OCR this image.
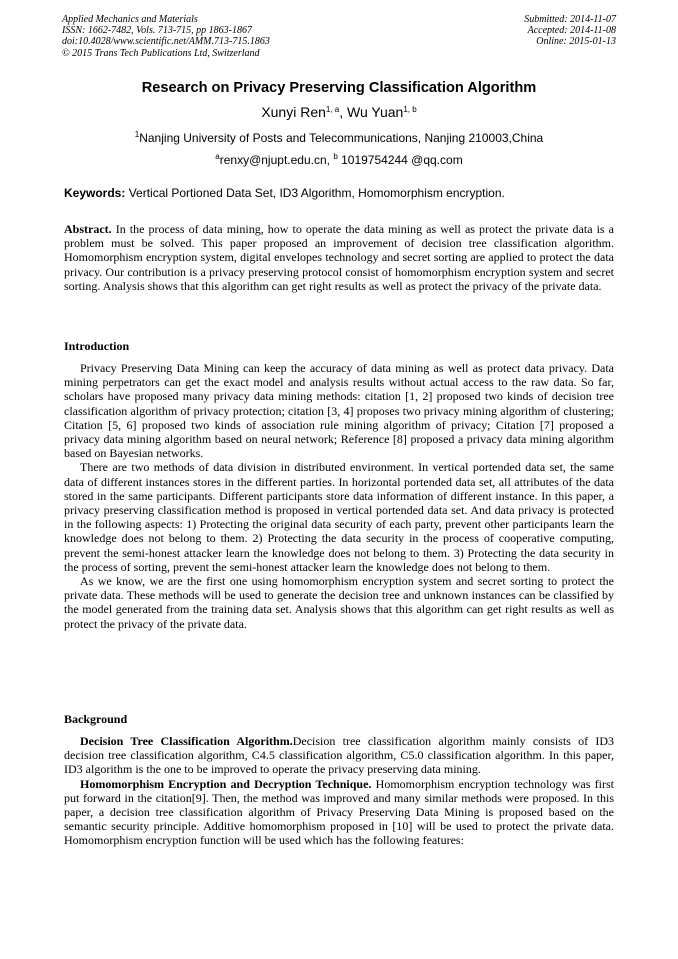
Applied Mechanics and Materials
ISSN: 1662-7482, Vols. 713-715, pp 1863-1867
doi:10.4028/www.scientific.net/AMM.713-715.1863
© 2015 Trans Tech Publications Ltd, Switzerland
Submitted: 2014-11-07
Accepted: 2014-11-08
Online: 2015-01-13
Research on Privacy Preserving Classification Algorithm
Xunyi Ren$^{1, a}$, Wu Yuan$^{1, b}$
$^1$Nanjing University of Posts and Telecommunications, Nanjing 210003,China
$^a$renxy@njupt.edu.cn, $^b$ 1019754244 @qq.com
Keywords: Vertical Portioned Data Set, ID3 Algorithm, Homomorphism encryption.

Abstract. In the process of data mining, how to operate the data mining as well as protect the private data is a problem must be solved. This paper proposed an improvement of decision tree classification algorithm. Homomorphism encryption system, digital envelopes technology and secret sorting are applied to protect the data privacy. Our contribution is a privacy preserving protocol consist of homomorphism encryption system and secret sorting. Analysis shows that this algorithm can get right results as well as protect the privacy of the private data.

Introduction

Privacy Preserving Data Mining can keep the accuracy of data mining as well as protect data privacy. Data mining perpetrators can get the exact model and analysis results without actual access to the raw data. So far, scholars have proposed many privacy data mining methods: citation [1, 2] proposed two kinds of decision tree classification algorithm of privacy protection; citation [3, 4] proposes two privacy mining algorithm of clustering; Citation [5, 6] proposed two kinds of association rule mining algorithm of privacy; Citation [7] proposed a privacy data mining algorithm based on neural network; Reference [8] proposed a privacy data mining algorithm based on Bayesian networks.

There are two methods of data division in distributed environment. In vertical portended data set, the same data of different instances stores in the different parties. In horizontal portended data set, all attributes of the data stored in the same participants. Different participants store data information of different instance. In this paper, a privacy preserving classification method is proposed in vertical portended data set. And data privacy is protected in the following aspects: 1) Protecting the original data security of each party, prevent other participants learn the knowledge does not belong to them. 2) Protecting the data security in the process of cooperative computing, prevent the semi-honest attacker learn the knowledge does not belong to them. 3) Protecting the data security in the process of sorting, prevent the semi-honest attacker learn the knowledge does not belong to them.

As we know, we are the first one using homomorphism encryption system and secret sorting to protect the private data. These methods will be used to generate the decision tree and unknown instances can be classified by the model generated from the training data set. Analysis shows that this algorithm can get right results as well as protect the privacy of the private data.

Background

Decision Tree Classification Algorithm.Decision tree classification algorithm mainly consists of ID3 decision tree classification algorithm, C4.5 classification algorithm, C5.0 classification algorithm. In this paper, ID3 algorithm is the one to be improved to operate the privacy preserving data mining.

Homomorphism Encryption and Decryption Technique. Homomorphism encryption technology was first put forward in the citation[9]. Then, the method was improved and many similar methods were proposed. In this paper, a decision tree classification algorithm of Privacy Preserving Data Mining is proposed based on the semantic security principle. Additive homomorphism proposed in [10] will be used to protect the private data. Homomorphism encryption function will be used which has the following features:
